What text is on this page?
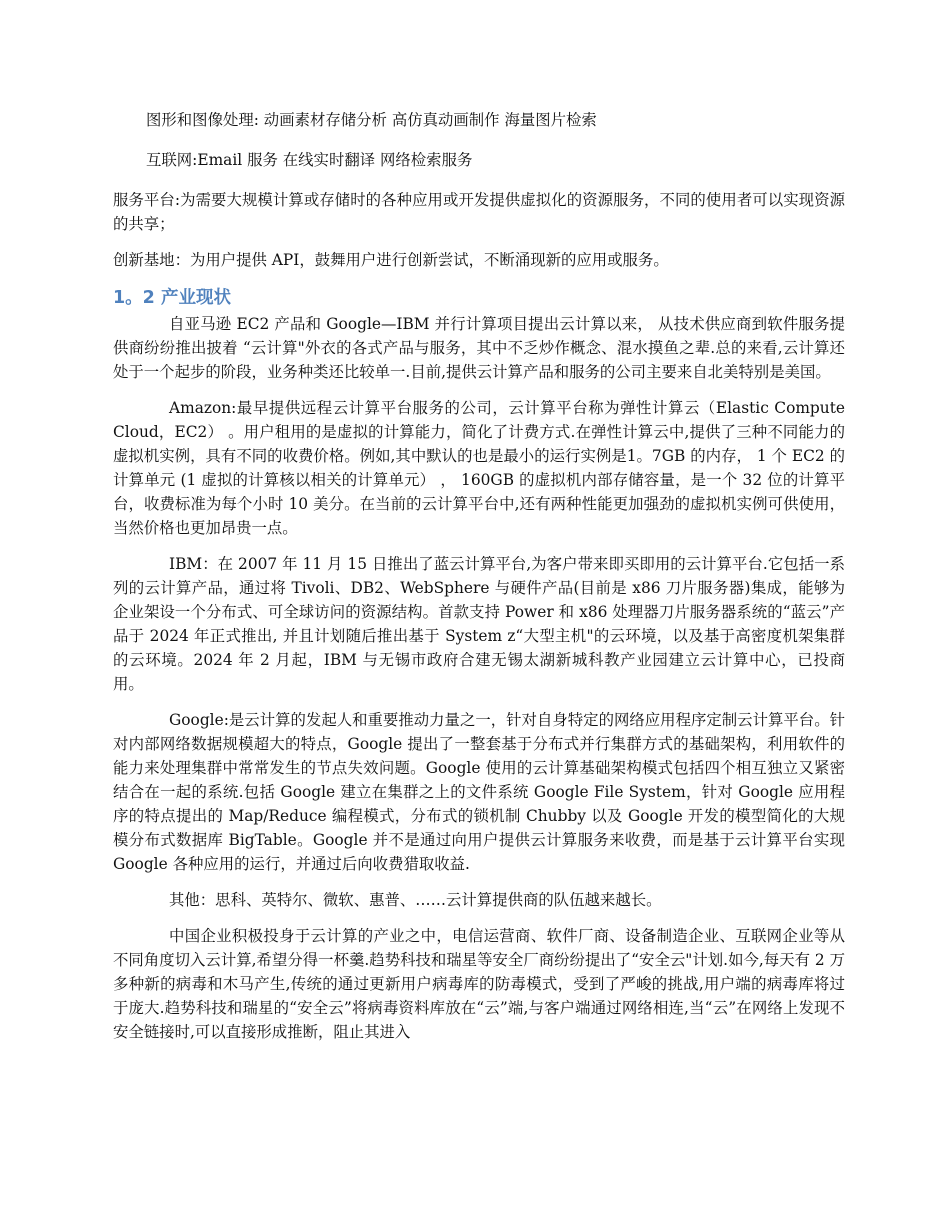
图形和图像处理: 动画素材存储分析 高仿真动画制作 海量图片检索

互联网:Email 服务 在线实时翻译 网络检索服务

服务平台:为需要大规模计算或存储时的各种应用或开发提供虚拟化的资源服务，不同的使用者可以实现资源的共享；

创新基地：为用户提供 API，鼓舞用户进行创新尝试，不断涌现新的应用或服务。

1。2 产业现状

自亚马逊 EC2 产品和 Google—IBM 并行计算项目提出云计算以来， 从技术供应商到软件服务提供商纷纷推出披着 “云计算"外衣的各式产品与服务，其中不乏炒作概念、混水摸鱼之辈.总的来看,云计算还处于一个起步的阶段，业务种类还比较单一.目前,提供云计算产品和服务的公司主要来自北美特别是美国。

Amazon:最早提供远程云计算平台服务的公司，云计算平台称为弹性计算云（Elastic Compute Cloud，EC2） 。用户租用的是虚拟的计算能力，简化了计费方式.在弹性计算云中,提供了三种不同能力的虚拟机实例，具有不同的收费价格。例如,其中默认的也是最小的运行实例是1。7GB 的内存， 1 个 EC2 的计算单元 (1 虚拟的计算核以相关的计算单元） ， 160GB 的虚拟机内部存储容量，是一个 32 位的计算平台，收费标准为每个小时 10 美分。在当前的云计算平台中,还有两种性能更加强劲的虚拟机实例可供使用，当然价格也更加昂贵一点。

IBM：在 2007 年 11 月 15 日推出了蓝云计算平台,为客户带来即买即用的云计算平台.它包括一系列的云计算产品，通过将 Tivoli、DB2、WebSphere 与硬件产品(目前是 x86 刀片服务器)集成，能够为企业架设一个分布式、可全球访问的资源结构。首款支持 Power 和 x86 处理器刀片服务器系统的“蓝云”产品于 2024 年正式推出, 并且计划随后推出基于 System z“大型主机"的云环境，以及基于高密度机架集群的云环境。2024 年 2 月起，IBM 与无锡市政府合建无锡太湖新城科教产业园建立云计算中心，已投商用。

Google:是云计算的发起人和重要推动力量之一，针对自身特定的网络应用程序定制云计算平台。针对内部网络数据规模超大的特点，Google 提出了一整套基于分布式并行集群方式的基础架构，利用软件的能力来处理集群中常常发生的节点失效问题。Google 使用的云计算基础架构模式包括四个相互独立又紧密结合在一起的系统.包括 Google 建立在集群之上的文件系统 Google File System，针对 Google 应用程序的特点提出的 Map/Reduce 编程模式，分布式的锁机制 Chubby 以及 Google 开发的模型简化的大规模分布式数据库 BigTable。Google 并不是通过向用户提供云计算服务来收费，而是基于云计算平台实现 Google 各种应用的运行，并通过后向收费猎取收益.

其他：思科、英特尔、微软、惠普、……云计算提供商的队伍越来越长。

中国企业积极投身于云计算的产业之中，电信运营商、软件厂商、设备制造企业、互联网企业等从不同角度切入云计算,希望分得一杯羹.趋势科技和瑞星等安全厂商纷纷提出了“安全云"计划.如今,每天有 2 万多种新的病毒和木马产生,传统的通过更新用户病毒库的防毒模式，受到了严峻的挑战,用户端的病毒库将过于庞大.趋势科技和瑞星的“安全云”将病毒资料库放在“云”端,与客户端通过网络相连,当“云”在网络上发现不安全链接时,可以直接形成推断，阻止其进入
